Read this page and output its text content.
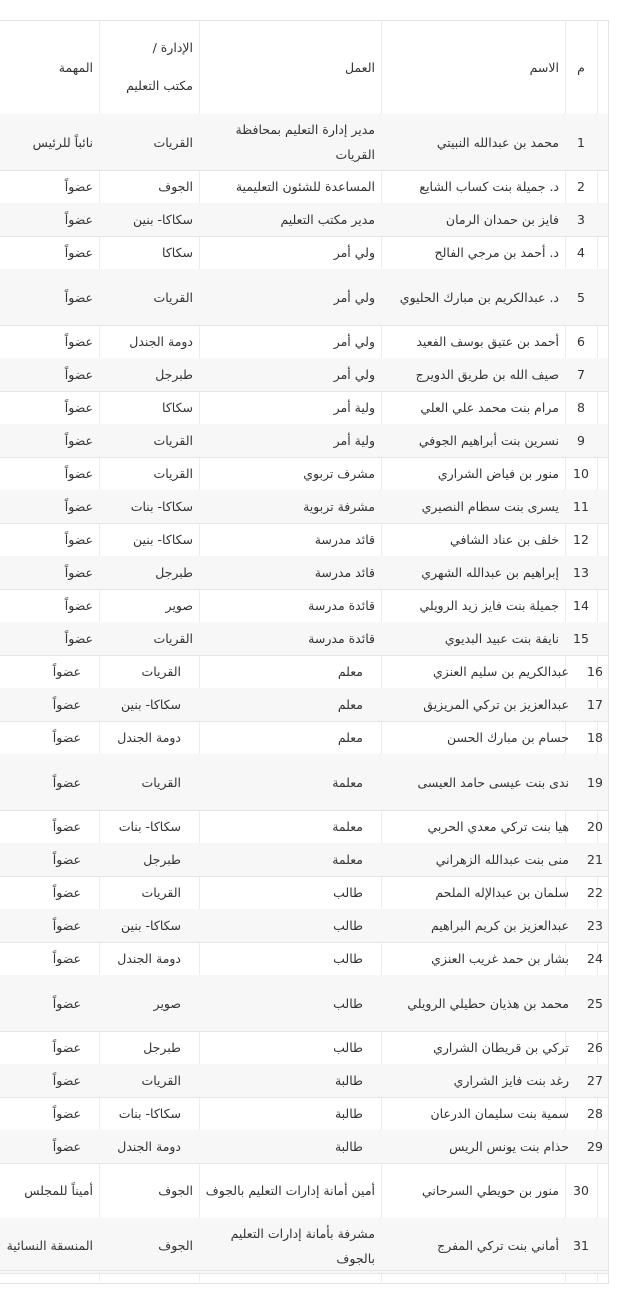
م
الاسم
العمل
الإدارة /
مكتب التعليم
المهمة
1
محمد بن عبدالله النبيتي
مدير إدارة التعليم بمحافظة القريات
القريات
نائباً للرئيس
2
د. جميلة بنت كساب الشايع
المساعدة للشئون التعليمية
الجوف
عضواً
3
فايز بن حمدان الرمان
مدير مكتب التعليم
سكاكا- بنين
عضواً
4
د. أحمد بن مرجي الفالح
ولي أمر
سكاكا
عضواً
5
د. عبدالكريم بن مبارك الحليوي
ولي أمر
القريات
عضواً
6
أحمد بن عتيق بوسف الفعيد
ولي أمر
دومة الجندل
عضواً
7
صيف الله بن طريق الدويرج
ولي أمر
طبرجل
عضواً
8
مرام بنت محمد علي العلي
ولية أمر
سكاكا
عضواً
9
نسرين بنت أبراهيم الجوفي
ولية أمر
القريات
عضواً
10
منور بن فياض الشراري
مشرف تربوي
القريات
عضواً
11
يسرى بنت سطام النصيري
مشرفة تربوية
سكاكا- بنات
عضواً
12
خلف بن عناد الشافي
قائد مدرسة
سكاكا- بنين
عضواً
13
إبراهيم بن عبدالله الشهري
قائد مدرسة
طبرجل
عضواً
14
جميلة بنت فايز زيد الرويلي
قائدة مدرسة
صوير
عضواً
15
نايفة بنت عبيد البديوي
قائدة مدرسة
القريات
عضواً
16
عبدالكريم بن سليم العنزي
معلم
القريات
عضواً
17
عبدالعزيز بن تركي المريزيق
معلم
سكاكا- بنين
عضواً
18
حسام بن مبارك الحسن
معلم
دومة الجندل
عضواً
19
ندى بنت عيسى حامد العيسى
معلمة
القريات
عضواً
20
هيا بنت تركي معدي الحربي
معلمة
سكاكا- بنات
عضواً
21
منى بنت عبدالله الزهراني
معلمة
طبرجل
عضواً
22
سلمان بن عبدالإله الملحم
طالب
القريات
عضواً
23
عبدالعزيز بن كريم البراهيم
طالب
سكاكا- بنين
عضواً
24
بشار بن حمد غريب العنزي
طالب
دومة الجندل
عضواً
25
محمد بن هذيان حطيلي الرويلي
طالب
صوير
عضواً
26
تركي بن قريطان الشراري
طالب
طبرجل
عضواً
27
رغد بنت فايز الشراري
طالبة
القريات
عضواً
28
سمية بنت سليمان الدرعان
طالبة
سكاكا- بنات
عضواً
29
حذام بنت يونس الريس
طالبة
دومة الجندل
عضواً
30
منور بن حويطي السرحاني
أمين أمانة إدارات التعليم بالجوف
الجوف
أميناً للمجلس
31
أماني بنت تركي المفرج
مشرفة بأمانة إدارات التعليم بالجوف
الجوف
المنسقة النسائية
